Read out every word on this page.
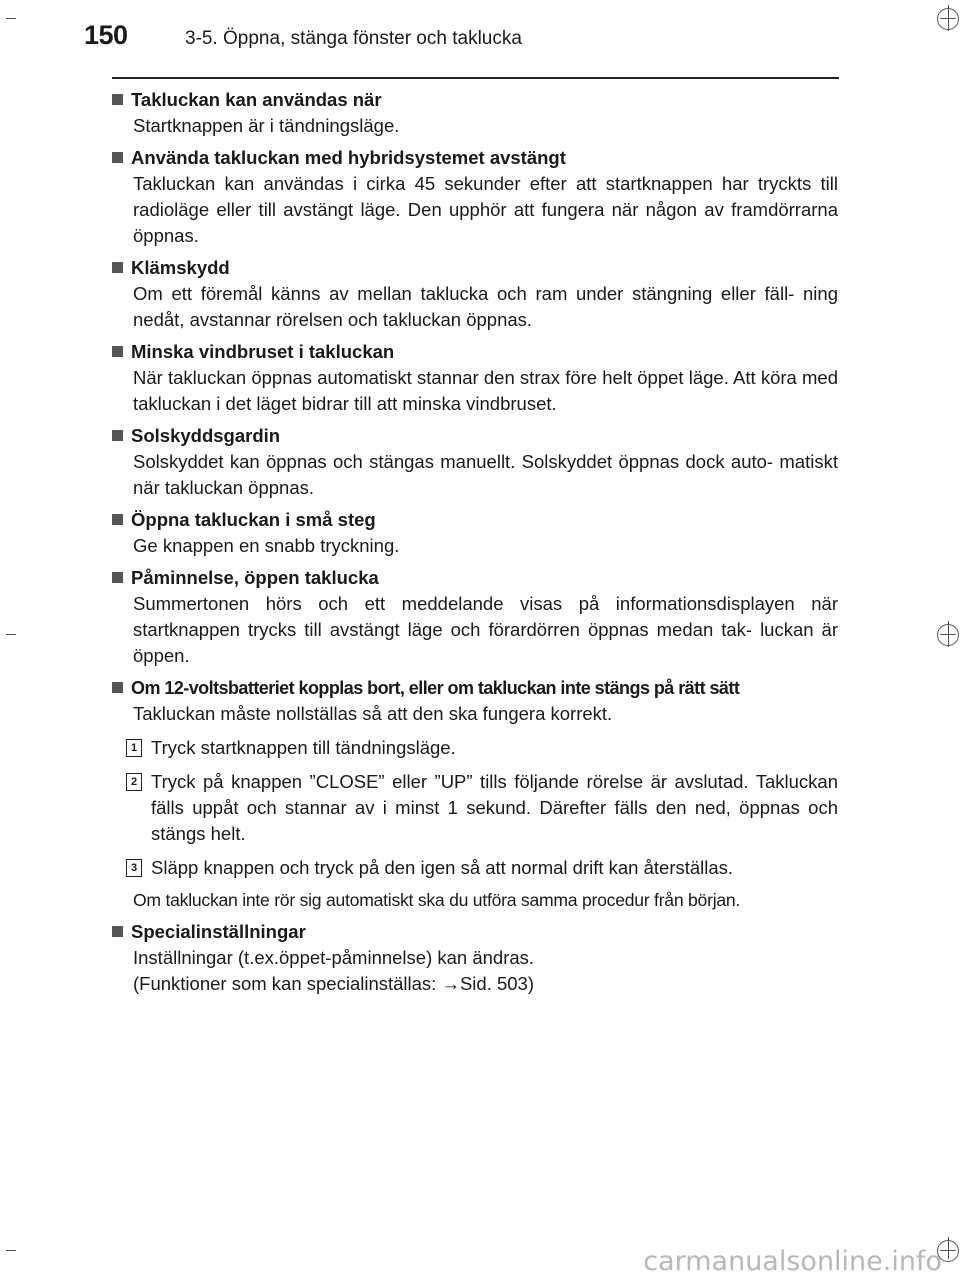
150	3-5. Öppna, stänga fönster och taklucka
Takluckan kan användas när
Startknappen är i tändningsläge.
Använda takluckan med hybridsystemet avstängt
Takluckan kan användas i cirka 45 sekunder efter att startknappen har tryckts till radioläge eller till avstängt läge. Den upphör att fungera när någon av framdörrarna öppnas.
Klämskydd
Om ett föremål känns av mellan taklucka och ram under stängning eller fäll- ning nedåt, avstannar rörelsen och takluckan öppnas.
Minska vindbruset i takluckan
När takluckan öppnas automatiskt stannar den strax före helt öppet läge. Att köra med takluckan i det läget bidrar till att minska vindbruset.
Solskyddsgardin
Solskyddet kan öppnas och stängas manuellt. Solskyddet öppnas dock auto- matiskt när takluckan öppnas.
Öppna takluckan i små steg
Ge knappen en snabb tryckning.
Påminnelse, öppen taklucka
Summertonen hörs och ett meddelande visas på informationsdisplayen när startknappen trycks till avstängt läge och förardörren öppnas medan tak- luckan är öppen.
Om 12-voltsbatteriet kopplas bort, eller om takluckan inte stängs på rätt sätt
Takluckan måste nollställas så att den ska fungera korrekt.
1 Tryck startknappen till tändningsläge.
2 Tryck på knappen ”CLOSE” eller ”UP” tills följande rörelse är avslutad. Takluckan fälls uppåt och stannar av i minst 1 sekund. Därefter fälls den ned, öppnas och stängs helt.
3 Släpp knappen och tryck på den igen så att normal drift kan återställas.
Om takluckan inte rör sig automatiskt ska du utföra samma procedur från början.
Specialinställningar
Inställningar (t.ex.öppet-påminnelse) kan ändras.
(Funktioner som kan specialinställas: →Sid. 503)
carmanualsonline.info
